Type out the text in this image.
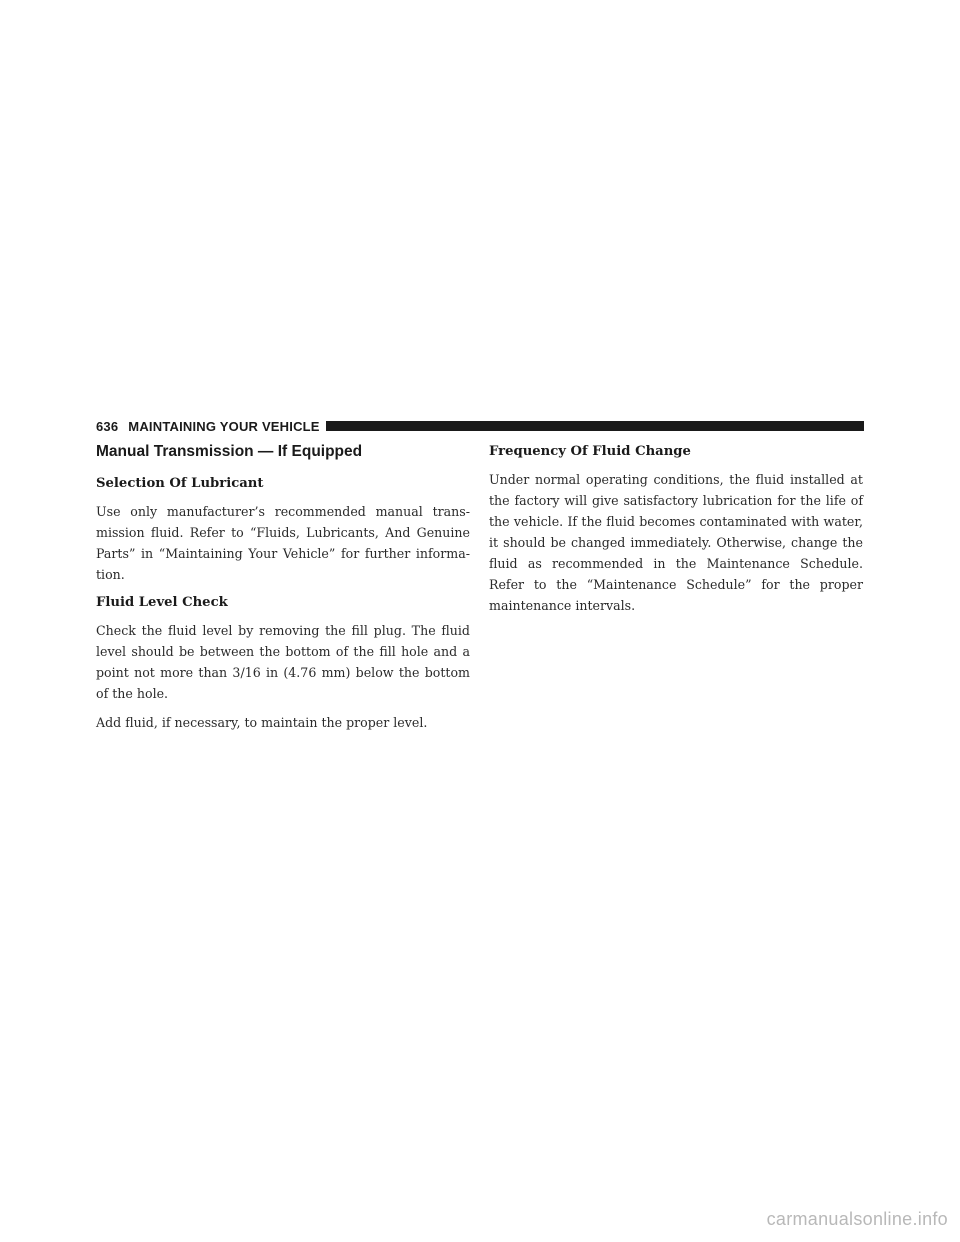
636 MAINTAINING YOUR VEHICLE
Manual Transmission — If Equipped
Selection Of Lubricant

Use only manufacturer’s recommended manual trans-mission fluid. Refer to “Fluids, Lubricants, And Genuine Parts” in “Maintaining Your Vehicle” for further informa-tion.

Fluid Level Check

Check the fluid level by removing the fill plug. The fluid level should be between the bottom of the fill hole and a point not more than 3/16 in (4.76 mm) below the bottom of the hole.

Add fluid, if necessary, to maintain the proper level.

Frequency Of Fluid Change

Under normal operating conditions, the fluid installed at the factory will give satisfactory lubrication for the life of the vehicle. If the fluid becomes contaminated with water, it should be changed immediately. Otherwise, change the fluid as recommended in the Maintenance Schedule. Refer to the “Maintenance Schedule” for the proper maintenance intervals.

carmanualsonline.info
